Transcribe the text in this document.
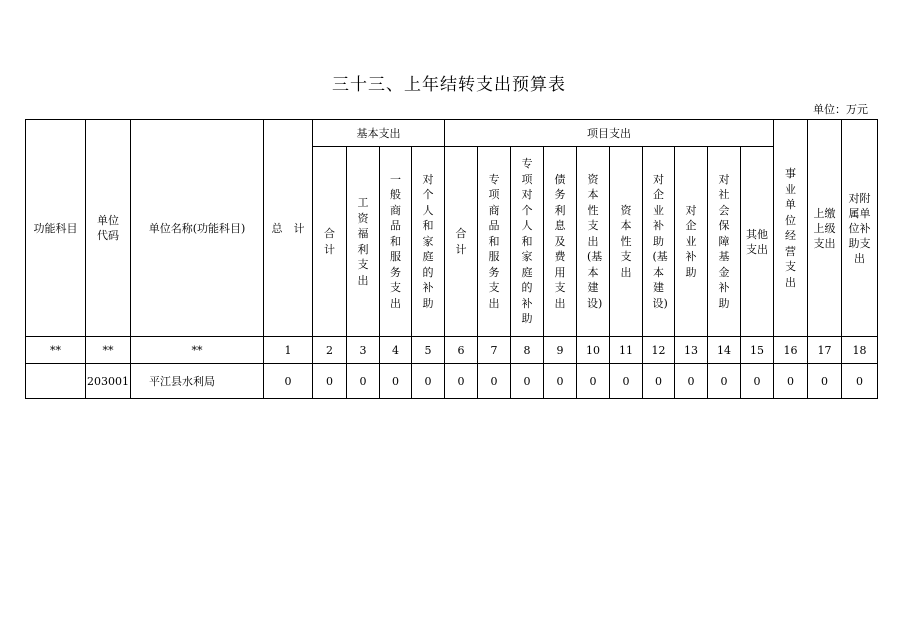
三十三、上年结转支出预算表
单位：万元
功能科目	单位代码	单位名称(功能科目)	总　计	基本支出				项目支出										事业单位经营支出	上缴上级支出	对附属单位补助支出
				合计	工资福利支出	一般商品和服务支出	对个人和家庭的补助	合计	专项商品和服务支出	专项对个人和家庭的补助	债务利息及费用支出	资本性支出(基本建设)	资本性支出	对企业补助(基本建设)	对企业补助	对社会保障基金补助	其他支出			
**	**	**	1	2	3	4	5	6	7	8	9	10	11	12	13	14	15	16	17	18
	203001	平江县水利局	0	0	0	0	0	0	0	0	0	0	0	0	0	0	0	0	0	0
